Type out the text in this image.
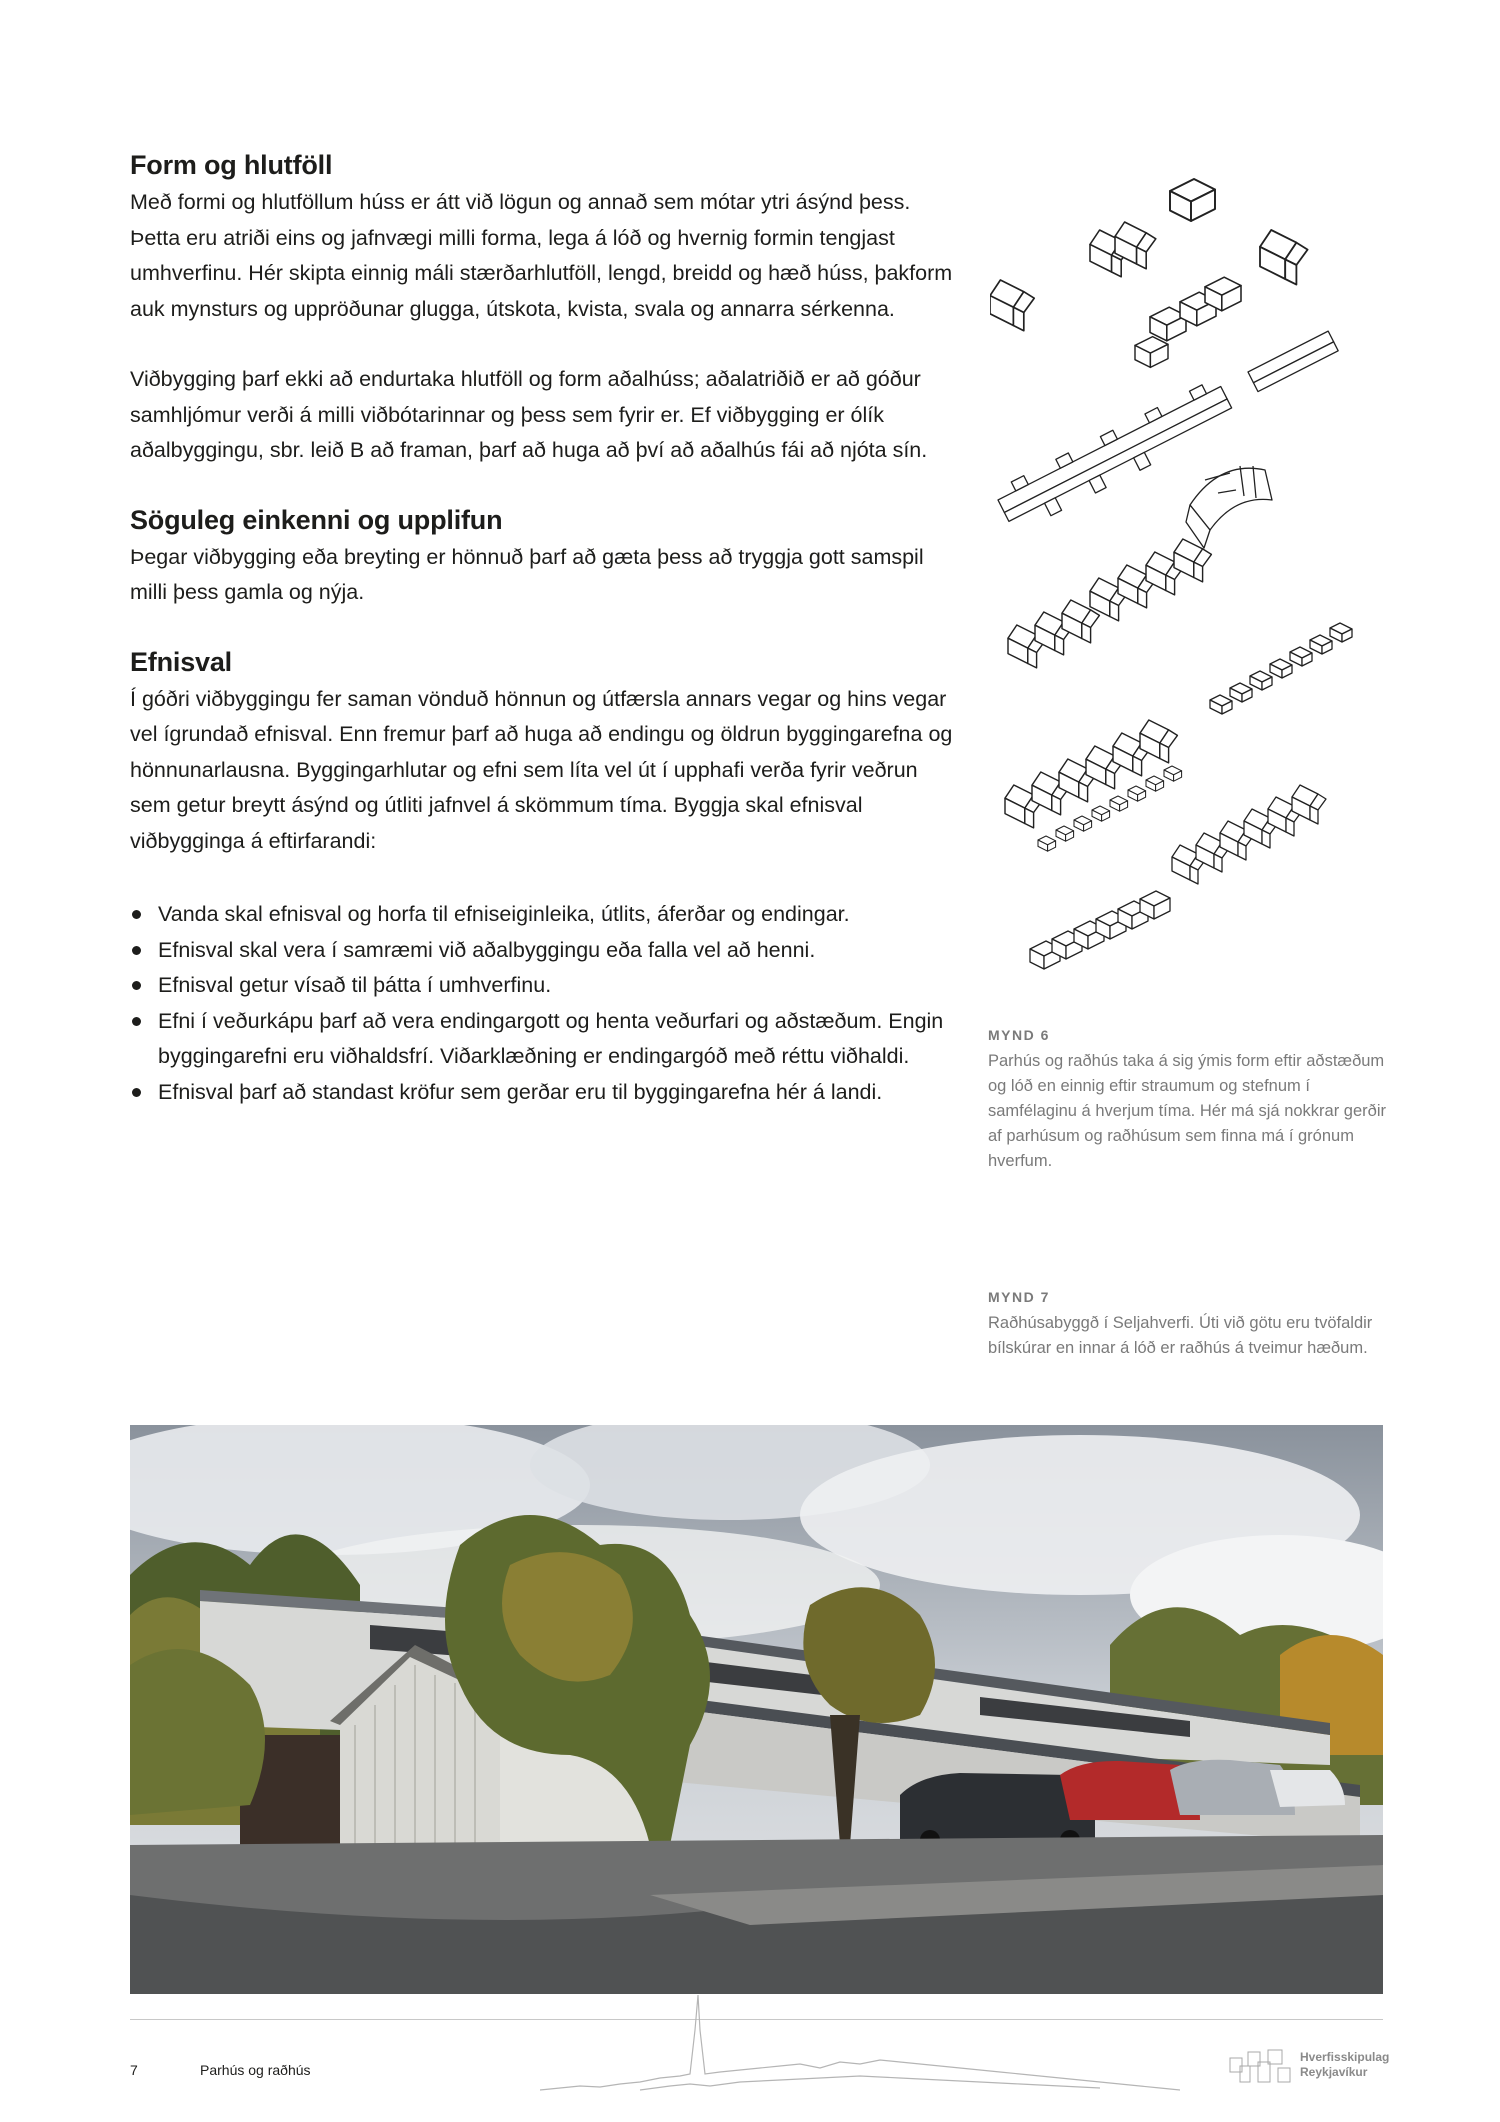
Form og hlutföll

Með formi og hlutföllum húss er átt við lögun og annað sem mótar ytri ásýnd þess. Þetta eru atriði eins og jafnvægi milli forma, lega á lóð og hvernig formin tengjast umhverfinu. Hér skipta einnig máli stærðarhlutföll, lengd, breidd og hæð húss, þakform auk mynsturs og uppröðunar glugga, útskota, kvista, svala og annarra sérkenna.

Viðbygging þarf ekki að endurtaka hlutföll og form aðalhúss; aðalatriðið er að góður samhljómur verði á milli viðbótarinnar og þess sem fyrir er. Ef viðbygging er ólík aðalbyggingu, sbr. leið B að framan, þarf að huga að því að aðalhús fái að njóta sín.

Söguleg einkenni og upplifun

Þegar viðbygging eða breyting er hönnuð þarf að gæta þess að tryggja gott samspil milli þess gamla og nýja.

Efnisval

Í góðri viðbyggingu fer saman vönduð hönnun og útfærsla annars vegar og hins vegar vel ígrundað efnisval. Enn fremur þarf að huga að endingu og öldrun byggingarefna og hönnunarlausna. Byggingarhlutar og efni sem líta vel út í upphafi verða fyrir veðrun sem getur breytt ásýnd og útliti jafnvel á skömmum tíma. Byggja skal efnisval viðbygginga á eftirfarandi:

Vanda skal efnisval og horfa til efniseiginleika, útlits, áferðar og endingar.
Efnisval skal vera í samræmi við aðalbyggingu eða falla vel að henni.
Efnisval getur vísað til þátta í umhverfinu.
Efni í veðurkápu þarf að vera endingargott og henta veðurfari og aðstæðum. Engin byggingarefni eru viðhaldsfrí. Viðarklæðning er endingargóð með réttu viðhaldi.
Efnisval þarf að standast kröfur sem gerðar eru til byggingarefna hér á landi.
MYND 6
Parhús og raðhús taka á sig ýmis form eftir aðstæðum og lóð en einnig eftir straumum og stefnum í samfélaginu á hverjum tíma. Hér má sjá nokkrar gerðir af parhúsum og raðhúsum sem finna má í grónum hverfum.
MYND 7
Raðhúsabyggð í Seljahverfi. Úti við götu eru tvöfaldir bílskúrar en innar á lóð er raðhús á tveimur hæðum.
7	Parhús og raðhús
Hverfisskipulag
Reykjavíkur
